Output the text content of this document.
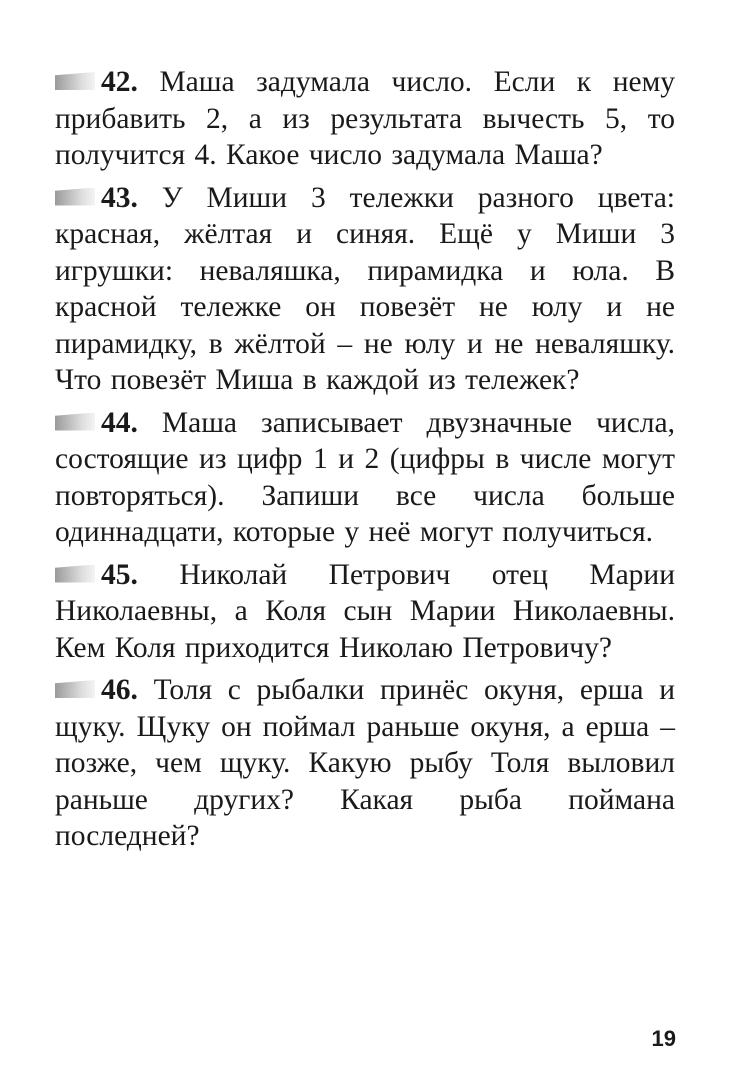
42. Маша задумала число. Если к нему прибавить 2, а из результата вычесть 5, то получится 4. Какое число задумала Маша?
43. У Миши 3 тележки разного цвета: красная, жёлтая и синяя. Ещё у Миши 3 игрушки: неваляшка, пирамидка и юла. В красной тележке он повезёт не юлу и не пирамидку, в жёлтой – не юлу и не неваляшку. Что повезёт Миша в каждой из тележек?
44. Маша записывает двузначные числа, состоящие из цифр 1 и 2 (цифры в числе могут повторяться). Запиши все числа больше одиннадцати, которые у неё могут получиться.
45. Николай Петрович отец Марии Николаевны, а Коля сын Марии Николаевны. Кем Коля приходится Николаю Петровичу?
46. Толя с рыбалки принёс окуня, ерша и щуку. Щуку он поймал раньше окуня, а ерша – позже, чем щуку. Какую рыбу Толя выловил раньше других? Какая рыба поймана последней?
19
